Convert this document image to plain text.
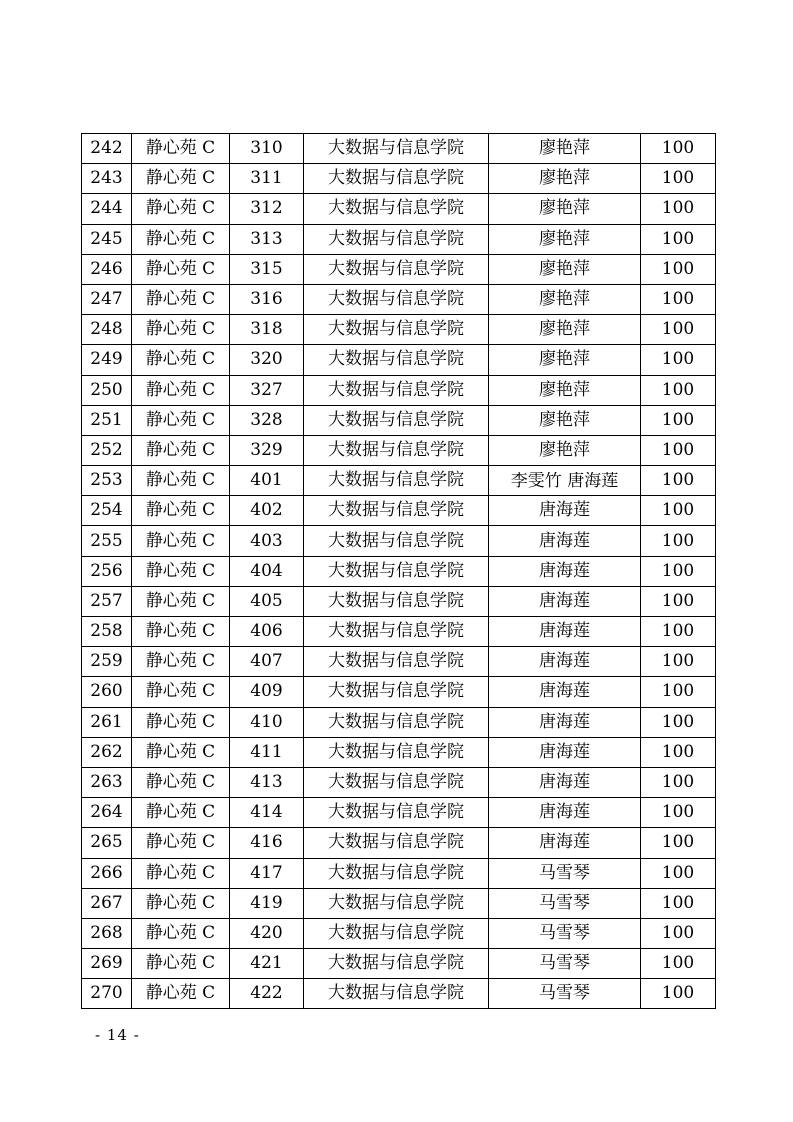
242	静心苑 C	310	大数据与信息学院	廖艳萍	100
243	静心苑 C	311	大数据与信息学院	廖艳萍	100
244	静心苑 C	312	大数据与信息学院	廖艳萍	100
245	静心苑 C	313	大数据与信息学院	廖艳萍	100
246	静心苑 C	315	大数据与信息学院	廖艳萍	100
247	静心苑 C	316	大数据与信息学院	廖艳萍	100
248	静心苑 C	318	大数据与信息学院	廖艳萍	100
249	静心苑 C	320	大数据与信息学院	廖艳萍	100
250	静心苑 C	327	大数据与信息学院	廖艳萍	100
251	静心苑 C	328	大数据与信息学院	廖艳萍	100
252	静心苑 C	329	大数据与信息学院	廖艳萍	100
253	静心苑 C	401	大数据与信息学院	李雯竹 唐海莲	100
254	静心苑 C	402	大数据与信息学院	唐海莲	100
255	静心苑 C	403	大数据与信息学院	唐海莲	100
256	静心苑 C	404	大数据与信息学院	唐海莲	100
257	静心苑 C	405	大数据与信息学院	唐海莲	100
258	静心苑 C	406	大数据与信息学院	唐海莲	100
259	静心苑 C	407	大数据与信息学院	唐海莲	100
260	静心苑 C	409	大数据与信息学院	唐海莲	100
261	静心苑 C	410	大数据与信息学院	唐海莲	100
262	静心苑 C	411	大数据与信息学院	唐海莲	100
263	静心苑 C	413	大数据与信息学院	唐海莲	100
264	静心苑 C	414	大数据与信息学院	唐海莲	100
265	静心苑 C	416	大数据与信息学院	唐海莲	100
266	静心苑 C	417	大数据与信息学院	马雪琴	100
267	静心苑 C	419	大数据与信息学院	马雪琴	100
268	静心苑 C	420	大数据与信息学院	马雪琴	100
269	静心苑 C	421	大数据与信息学院	马雪琴	100
270	静心苑 C	422	大数据与信息学院	马雪琴	100
- 14 -
